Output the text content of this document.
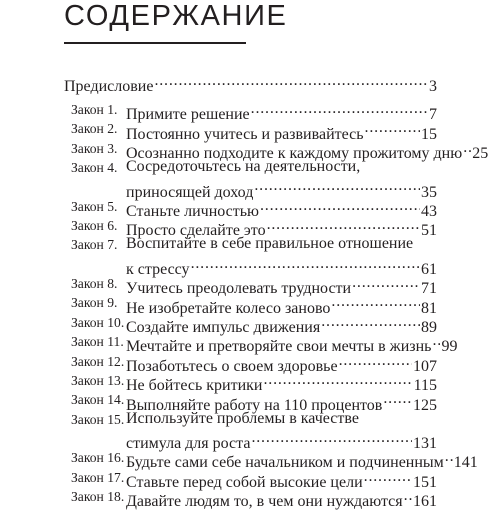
СОДЕРЖАНИЕ
Предисловие . . .	3
Закон 1. Примите решение . . .	7
Закон 2. Постоянно учитесь и развивайтесь . . .	15
Закон 3. Осознанно подходите к каждому прожитому дню . . . 25
Закон 4. Сосредоточьтесь на деятельности,
приносящей доход . . .	35
Закон 5. Станьте личностью . . .	43
Закон 6. Просто сделайте это . . .	51
Закон 7. Воспитайте в себе правильное отношение
к стрессу . . .	61
Закон 8. Учитесь преодолевать трудности . . .	71
Закон 9. Не изобретайте колесо заново . . .	81
Закон 10. Создайте импульс движения . . .	89
Закон 11. Мечтайте и претворяйте свои мечты в жизнь . . . 99
Закон 12. Позаботьтесь о своем здоровье . . .	107
Закон 13. Не бойтесь критики . . .	115
Закон 14. Выполняйте работу на 110 процентов . . . 125
Закон 15. Используйте проблемы в качестве
стимула для роста . . .	131
Закон 16. Будьте сами себе начальником и подчиненным . . . 141
Закон 17. Ставьте перед собой высокие цели . . .	151
Закон 18. Давайте людям то, в чем они нуждаются . . . 161
